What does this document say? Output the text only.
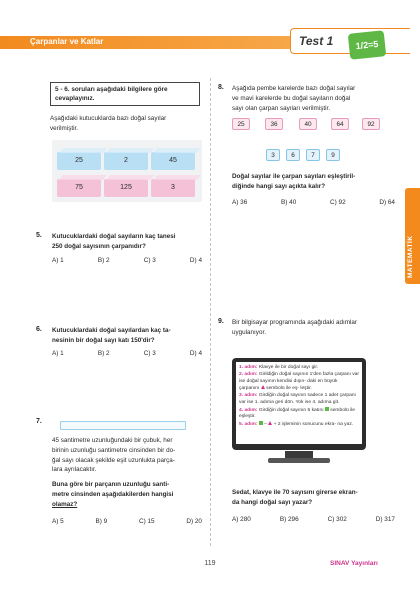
Çarpanlar ve Katlar	Test 1	1/2=5
MATEMATİK
5 - 6. soruları aşağıdaki bilgilere göre
cevaplayınız.
Aşağıdaki kutucuklarda bazı doğal sayılar
verilmiştir.
25	2	45
75	125	3
5. Kutucuklardaki doğal sayıların kaç tanesi
250 doğal sayısının çarpanıdır?
A) 1	B) 2	C) 3	D) 4
6. Kutucuklardaki doğal sayılardan kaç ta-
nesinin bir doğal sayı katı 150'dir?
A) 1	B) 2	C) 3	D) 4
7.
45 santimetre uzunluğundaki bir çubuk, her
birinin uzunluğu santimetre cinsinden bir do-
ğal sayı olacak şekilde eşit uzunlukta parça-
lara ayrılacaktır.
Buna göre bir parçanın uzunluğu santi-
metre cinsinden aşağıdakilerden hangisi
olamaz?
A) 5	B) 9	C) 15	D) 20
8. Aşağıda pembe karelerde bazı doğal sayılar
ve mavi karelerde bu doğal sayıların doğal
sayı olan çarpan sayıları verilmiştir.
25	36	40	64	92
3	6	7	9
Doğal sayılar ile çarpan sayıları eşleştiril-
diğinde hangi sayı açıkta kalır?
A) 36	B) 40	C) 92	D) 64
9. Bir bilgisayar programında aşağıdaki adımlar
uygulanıyor.
1. adım: Klavye ile bir doğal sayı gir.
2. adım: Girildiğin doğal sayının 1'den fazla çarpanı var ise doğal sayının kendisi dışın- daki en büyük çarpanını sembolü ile eş- leştir.
3. adım: Girdiğin doğal sayının sadece 1 adet çarpanı var ise 1. adıma geri dön. Yok ise 4. adıma git.
4. adım: Girdiğin doğal sayının 5 katını sembolü ile eşleştir.
5. adım:  –  + 2 işleminin sonucunu ekra- na yaz.
Sedat, klavye ile 70 sayısını girerse ekran-
da hangi doğal sayı yazar?
A) 280	B) 296	C) 302	D) 317
119	SINAV Yayınları
